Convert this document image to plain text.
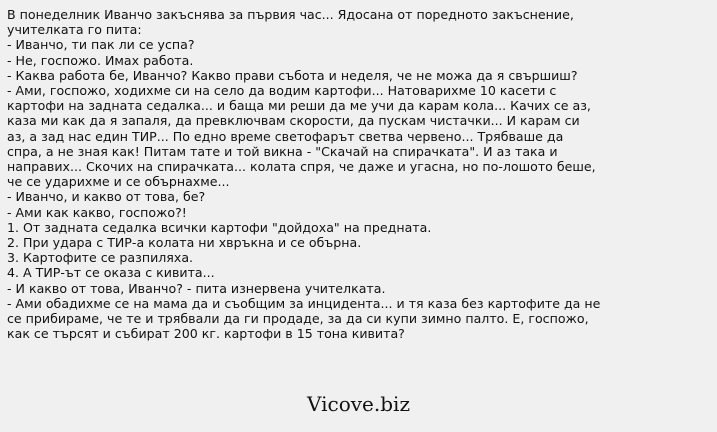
В понеделник Иванчо закъснява за първия час... Ядосана от поредното закъснение,
учителката го пита:
- Иванчо, ти пак ли се успа?
- Не, госпожо. Имах работа.
- Каква работа бе, Иванчо? Какво прави събота и неделя, че не можа да я свършиш?
- Ами, госпожо, ходихме си на село да водим картофи... Натоварихме 10 касети с
картофи на задната седалка... и баща ми реши да ме учи да карам кола... Качих се аз,
каза ми как да я запаля, да превключвам скорости, да пускам чистачки... И карам си
аз, а зад нас един ТИР... По едно време светофарът светва червено... Трябваше да
спра, а не зная как! Питам тате и той викна - "Скачай на спирачката". И аз така и
направих... Скочих на спирачката... колата спря, че даже и угасна, но по-лошото беше,
че се ударихме и се обърнахме...
- Иванчо, и какво от това, бе?
- Ами как какво, госпожо?!
1. От задната седалка всички картофи "дойдоха" на предната.
2. При удара с ТИР-а колата ни хвръкна и се обърна.
3. Картофите се разпиляха.
4. А ТИР-ът се оказа с кивита...
- И какво от това, Иванчо? - пита изнервена учителката.
- Ами обадихме се на мама да и съобщим за инцидента... и тя каза без картофите да не
се прибираме, че те и трябвали да ги продаде, за да си купи зимно палто. Е, госпожо,
как се търсят и събират 200 кг. картофи в 15 тона кивита?
Vicove.biz
